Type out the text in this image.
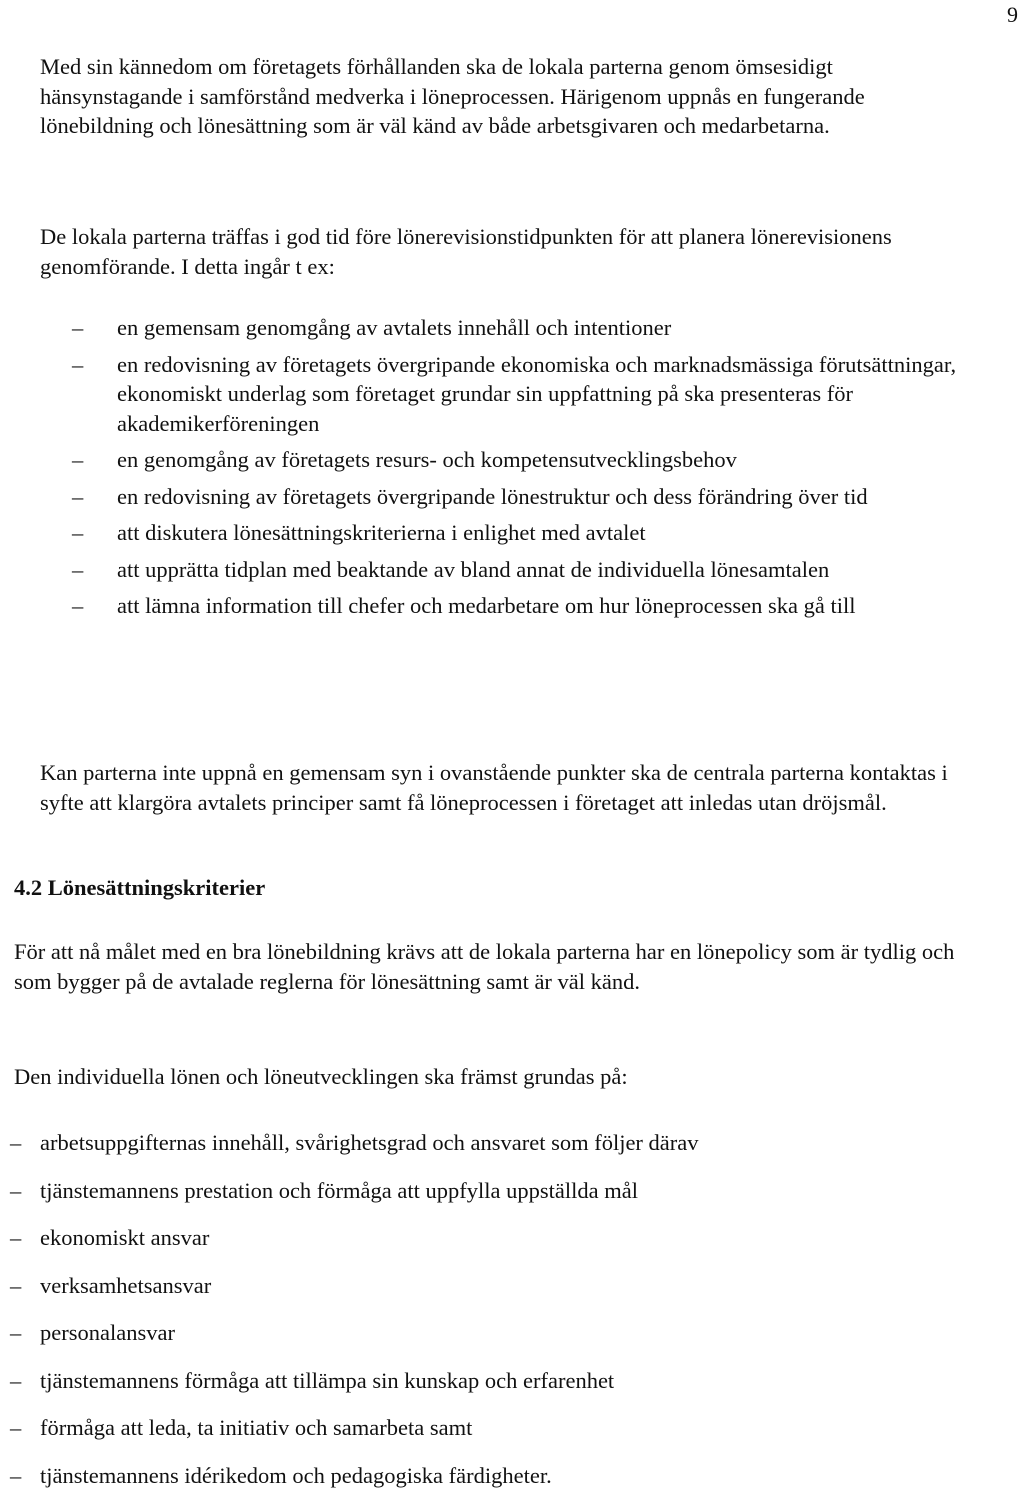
9

Med sin kännedom om företagets förhållanden ska de lokala parterna genom ömsesidigt hänsynstagande i samförstånd medverka i löneprocessen. Härigenom uppnås en fungerande lönebildning och lönesättning som är väl känd av både arbetsgivaren och medarbetarna.

De lokala parterna träffas i god tid före lönerevisionstidpunkten för att planera lönerevisionens genomförande. I detta ingår t ex:

– en gemensam genomgång av avtalets innehåll och intentioner
– en redovisning av företagets övergripande ekonomiska och marknadsmässiga förutsättningar, ekonomiskt underlag som företaget grundar sin uppfattning på ska presenteras för akademikerföreningen
– en genomgång av företagets resurs- och kompetensutvecklingsbehov
– en redovisning av företagets övergripande lönestruktur och dess förändring över tid
– att diskutera lönesättningskriterierna i enlighet med avtalet
– att upprätta tidplan med beaktande av bland annat de individuella lönesamtalen
– att lämna information till chefer och medarbetare om hur löneprocessen ska gå till

Kan parterna inte uppnå en gemensam syn i ovanstående punkter ska de centrala parterna kontaktas i syfte att klargöra avtalets principer samt få löneprocessen i företaget att inledas utan dröjsmål.

4.2 Lönesättningskriterier

För att nå målet med en bra lönebildning krävs att de lokala parterna har en lönepolicy som är tydlig och som bygger på de avtalade reglerna för lönesättning samt är väl känd.

Den individuella lönen och löneutvecklingen ska främst grundas på:

– arbetsuppgifternas innehåll, svårighetsgrad och ansvaret som följer därav
– tjänstemannens prestation och förmåga att uppfylla uppställda mål
– ekonomiskt ansvar
– verksamhetsansvar
– personalansvar
– tjänstemannens förmåga att tillämpa sin kunskap och erfarenhet
– förmåga att leda, ta initiativ och samarbeta samt
– tjänstemannens idérikedom och pedagogiska färdigheter.
